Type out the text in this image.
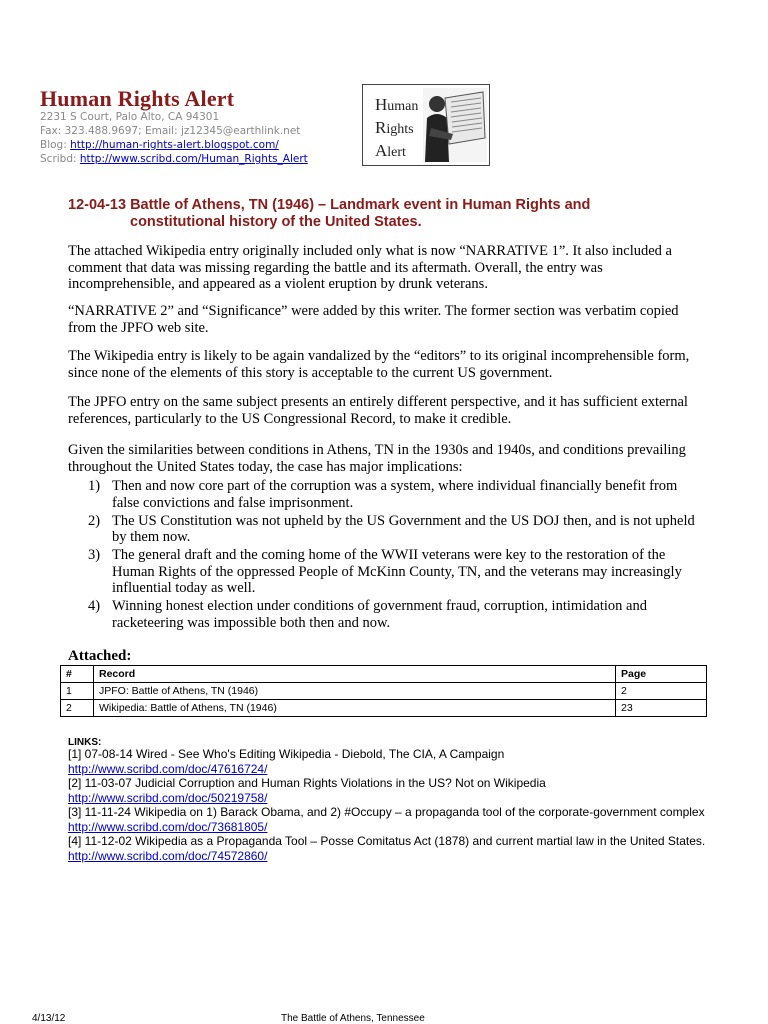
Human Rights Alert
2231 S Court, Palo Alto, CA 94301
Fax: 323.488.9697; Email: jz12345@earthlink.net
Blog: http://human-rights-alert.blogspot.com/
Scribd: http://www.scribd.com/Human_Rights_Alert
Human
Rights
Alert
12-04-13 Battle of Athens, TN (1946) – Landmark event in Human Rights and
constitutional history of the United States.
The attached Wikipedia entry originally included only what is now “NARRATIVE 1”. It also included a comment that data was missing regarding the battle and its aftermath. Overall, the entry was incomprehensible, and appeared as a violent eruption by drunk veterans.
“NARRATIVE 2” and “Significance” were added by this writer. The former section was verbatim copied from the JPFO web site.
The Wikipedia entry is likely to be again vandalized by the “editors” to its original incomprehensible form, since none of the elements of this story is acceptable to the current US government.
The JPFO entry on the same subject presents an entirely different perspective, and it has sufficient external references, particularly to the US Congressional Record, to make it credible.
Given the similarities between conditions in Athens, TN in the 1930s and 1940s, and conditions prevailing throughout the United States today, the case has major implications:
1) Then and now core part of the corruption was a system, where individual financially benefit from false convictions and false imprisonment.
2) The US Constitution was not upheld by the US Government and the US DOJ then, and is not upheld by them now.
3) The general draft and the coming home of the WWII veterans were key to the restoration of the Human Rights of the oppressed People of McKinn County, TN, and the veterans may increasingly influential today as well.
4) Winning honest election under conditions of government fraud, corruption, intimidation and racketeering was impossible both then and now.
Attached:
#	Record	Page
1	JPFO: Battle of Athens, TN (1946)	2
2	Wikipedia: Battle of Athens, TN (1946)	23
LINKS:
[1] 07-08-14 Wired - See Who's Editing Wikipedia - Diebold, The CIA, A Campaign
http://www.scribd.com/doc/47616724/
[2] 11-03-07 Judicial Corruption and Human Rights Violations in the US? Not on Wikipedia
http://www.scribd.com/doc/50219758/
[3] 11-11-24 Wikipedia on 1) Barack Obama, and 2) #Occupy – a propaganda tool of the corporate-government complex
http://www.scribd.com/doc/73681805/
[4] 11-12-02 Wikipedia as a Propaganda Tool – Posse Comitatus Act (1878) and current martial law in the United States.
http://www.scribd.com/doc/74572860/
4/13/12	The Battle of Athens, Tennessee
